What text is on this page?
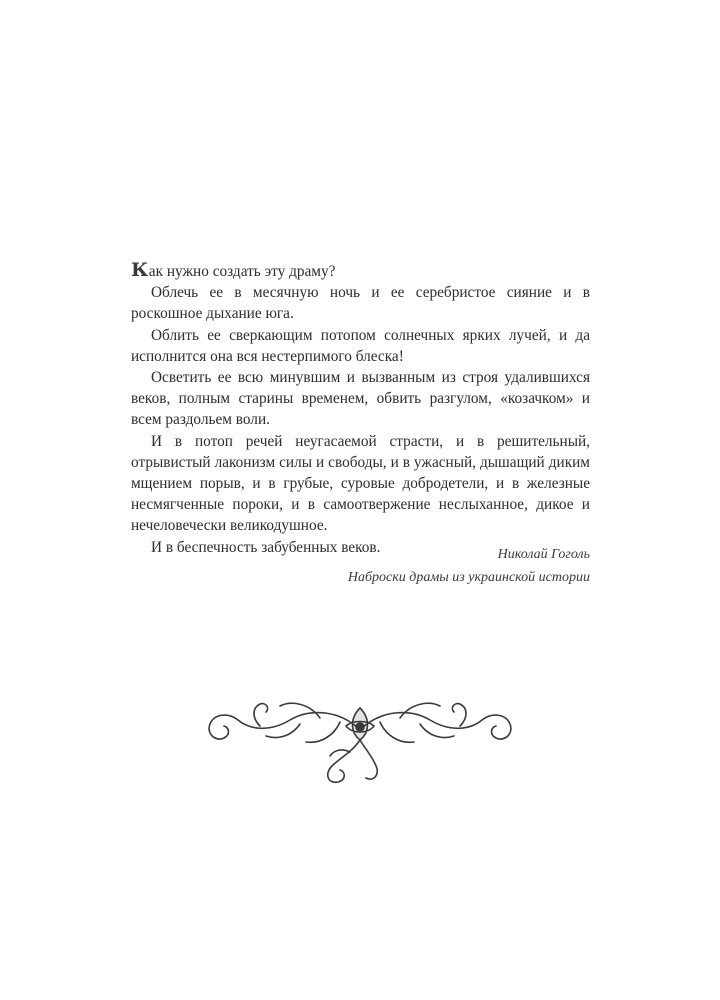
Как нужно создать эту драму?

Облечь ее в месячную ночь и ее серебристое сияние и в роскошное дыхание юга.

Облить ее сверкающим потопом солнечных ярких лучей, и да исполнится она вся нестерпимого блеска!

Осветить ее всю минувшим и вызванным из строя удалившихся веков, полным старины временем, обвить разгулом, «козачком» и всем раздольем воли.

И в потоп речей неугасаемой страсти, и в решительный, отрывистый лаконизм силы и свободы, и в ужасный, дышащий диким мщением порыв, и в грубые, суровые добродетели, и в железные несмягченные пороки, и в самоотвержение неслыханное, дикое и нечеловечески великодушное.

И в беспечность забубенных веков.	Николай Гоголь
Наброски драмы из украинской истории
